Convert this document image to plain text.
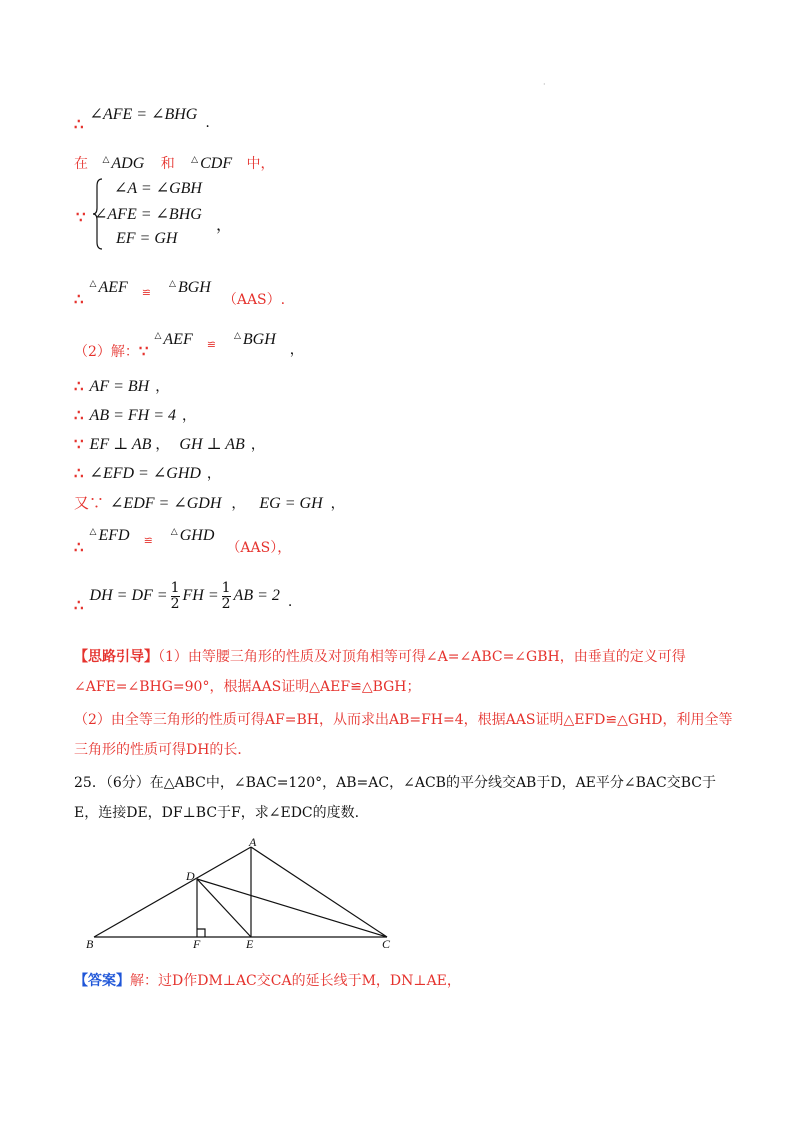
·
∴∠AFE = ∠BHG .
在 △ ADG 和 △ CDF 中，
∵
∠A = ∠GBH
∠AFE = ∠BHG
EF = GH
，
∴△ AEF $_≌$△ BGH（AAS）.
（2）解：∵△ AEF $_≌$△ BGH，
∴ AF = BH ，
∴ AB = FH = 4 ，
∵ EF ⊥ AB ， GH ⊥ AB ，
∴ ∠EFD = ∠GHD ，
又∵ ∠EDF = ∠GDH ， EG = GH ，
∴△ EFD $_≌$△ GHD（AAS），
∴DH = DF = $\frac{1}{2}$ FH = $\frac{1}{2}$ AB = 2 .
【思路引导】（1）由等腰三角形的性质及对顶角相等可得∠A=∠ABC=∠GBH，由垂直的定义可得∠AFE=∠BHG=90°，根据AAS证明△AEF≌△BGH；
（2）由全等三角形的性质可得AF=BH，从而求出AB=FH=4，根据AAS证明△EFD≌△GHD，利用全等三角形的性质可得DH的长．
25．（6分）在△ABC中，∠BAC=120°，AB=AC，∠ACB的平分线交AB于D，AE平分∠BAC交BC于E，连接DE，DF⊥BC于F，求∠EDC的度数.
A
B	C
D
E
F
【答案】解：过D作DM⊥AC交CA的延长线于M，DN⊥AE，
